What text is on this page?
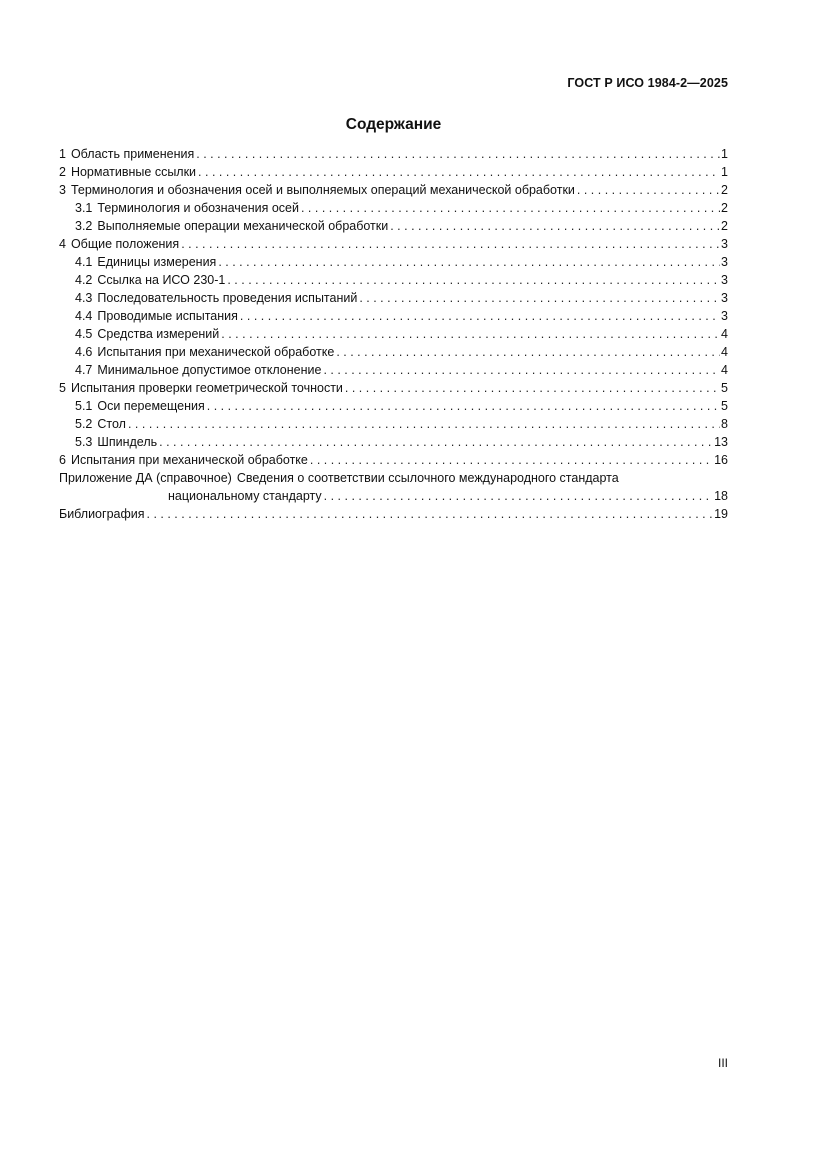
ГОСТ Р ИСО 1984-2—2025
Содержание
1 Область применения . . .	1
2 Нормативные ссылки . . .	1
3 Терминология и обозначения осей и выполняемых операций механической обработки . . .	2
3.1 Терминология и обозначения осей . . .	2
3.2 Выполняемые операции механической обработки . . .	2
4 Общие положения . . .	3
4.1 Единицы измерения . . .	3
4.2 Ссылка на ИСО 230-1 . . .	3
4.3 Последовательность проведения испытаний . . .	3
4.4 Проводимые испытания . . .	3
4.5 Средства измерений . . .	4
4.6 Испытания при механической обработке . . .	4
4.7 Минимальное допустимое отклонение . . .	4
5 Испытания проверки геометрической точности . . .	5
5.1 Оси перемещения . . .	5
5.2 Стол . . .	8
5.3 Шпиндель . . .	13
6 Испытания при механической обработке . . .	16
Приложение ДА (справочное) Сведения о соответствии ссылочного международного стандарта
национальному стандарту . . .	18
Библиография . . .	19
III
